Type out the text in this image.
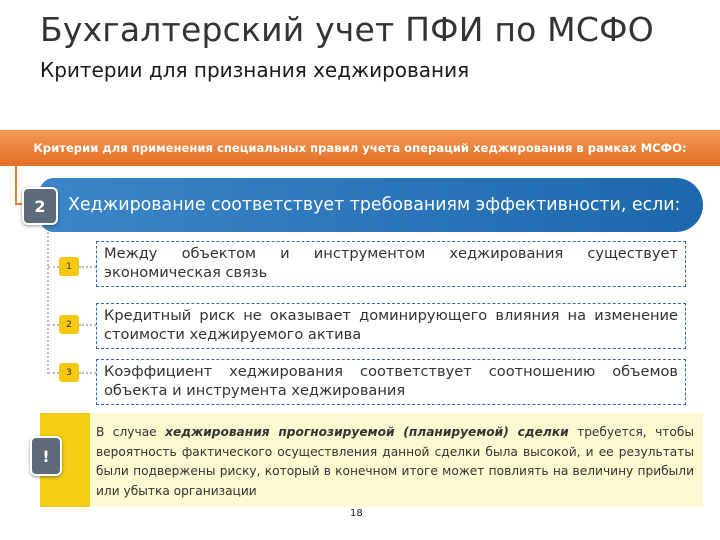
Бухгалтерский учет ПФИ по МСФО
Критерии для признания хеджирования
Критерии для применения специальных правил учета операций хеджирования в рамках МСФО:
Хеджирование соответствует требованиям эффективности, если:
2
1
Между объектом и инструментом хеджирования существует экономическая связь
2
Кредитный риск не оказывает доминирующего влияния на изменение стоимости хеджируемого актива
3	Коэффициент хеджирования соответствует соотношению объемов объекта и инструмента хеджирования
!
В случае хеджирования прогнозируемой (планируемой) сделки требуется, чтобы вероятность фактического осуществления данной сделки была высокой, и ее результаты были подвержены риску, который в конечном итоге может повлиять на величину прибыли или убытка организации
18
